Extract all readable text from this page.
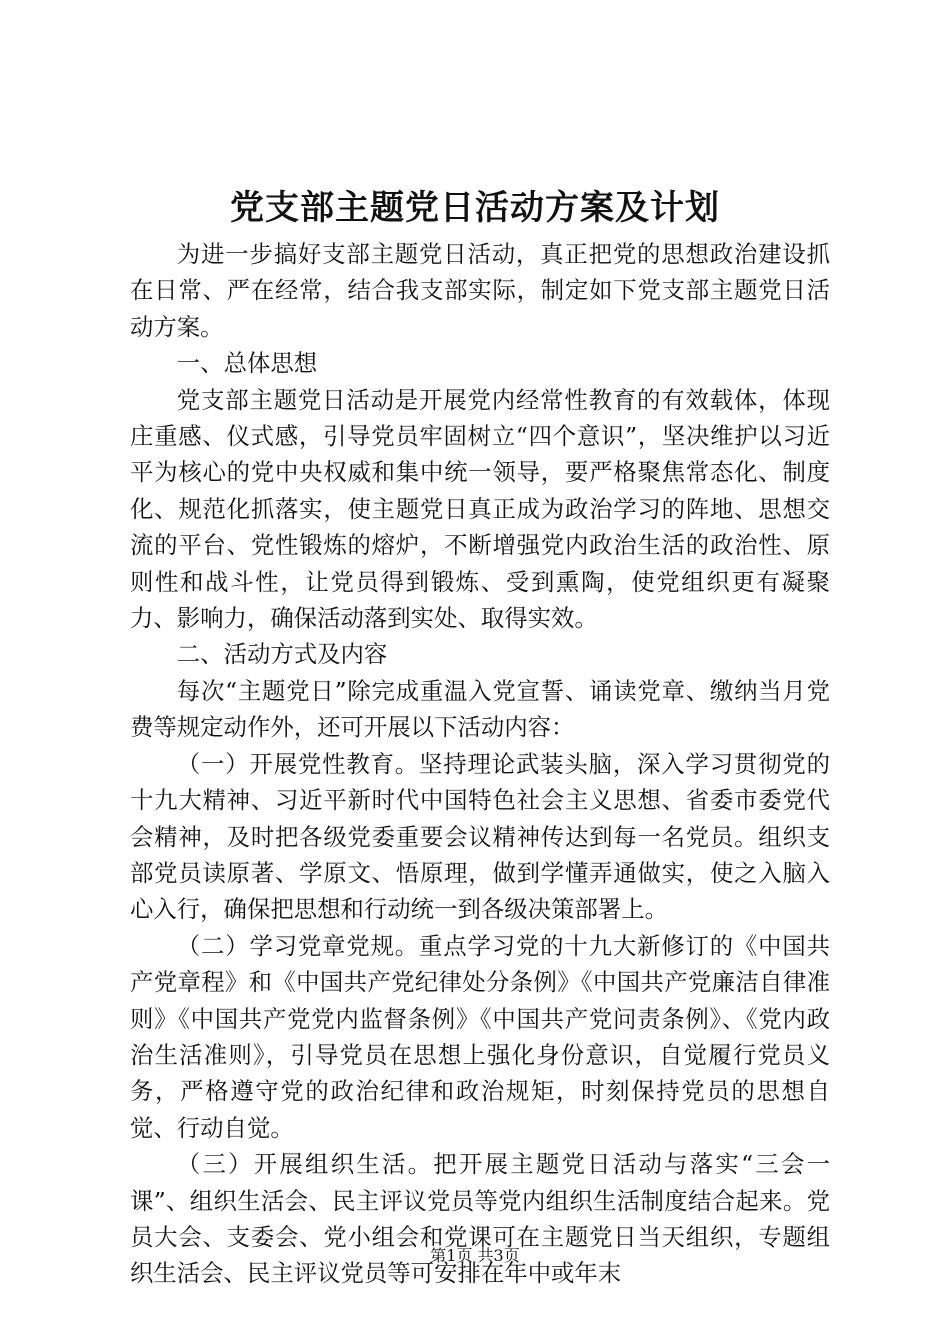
党支部主题党日活动方案及计划

为进一步搞好支部主题党日活动，真正把党的思想政治建设抓在日常、严在经常，结合我支部实际，制定如下党支部主题党日活动方案。

一、总体思想

党支部主题党日活动是开展党内经常性教育的有效载体，体现庄重感、仪式感，引导党员牢固树立“四个意识”，坚决维护以习近平为核心的党中央权威和集中统一领导，要严格聚焦常态化、制度化、规范化抓落实，使主题党日真正成为政治学习的阵地、思想交流的平台、党性锻炼的熔炉，不断增强党内政治生活的政治性、原则性和战斗性，让党员得到锻炼、受到熏陶，使党组织更有凝聚力、影响力，确保活动落到实处、取得实效。

二、活动方式及内容

每次“主题党日”除完成重温入党宣誓、诵读党章、缴纳当月党费等规定动作外，还可开展以下活动内容：

（一）开展党性教育。坚持理论武装头脑，深入学习贯彻党的十九大精神、习近平新时代中国特色社会主义思想、省委市委党代会精神，及时把各级党委重要会议精神传达到每一名党员。组织支部党员读原著、学原文、悟原理，做到学懂弄通做实，使之入脑入心入行，确保把思想和行动统一到各级决策部署上。

（二）学习党章党规。重点学习党的十九大新修订的《中国共产党章程》和《中国共产党纪律处分条例》《中国共产党廉洁自律准则》《中国共产党党内监督条例》《中国共产党问责条例》、《党内政治生活准则》，引导党员在思想上强化身份意识，自觉履行党员义务，严格遵守党的政治纪律和政治规矩，时刻保持党员的思想自觉、行动自觉。

（三）开展组织生活。把开展主题党日活动与落实“三会一课”、组织生活会、民主评议党员等党内组织生活制度结合起来。党员大会、支委会、党小组会和党课可在主题党日当天组织，专题组织生活会、民主评议党员等可安排在年中或年末

第1页 共3页
